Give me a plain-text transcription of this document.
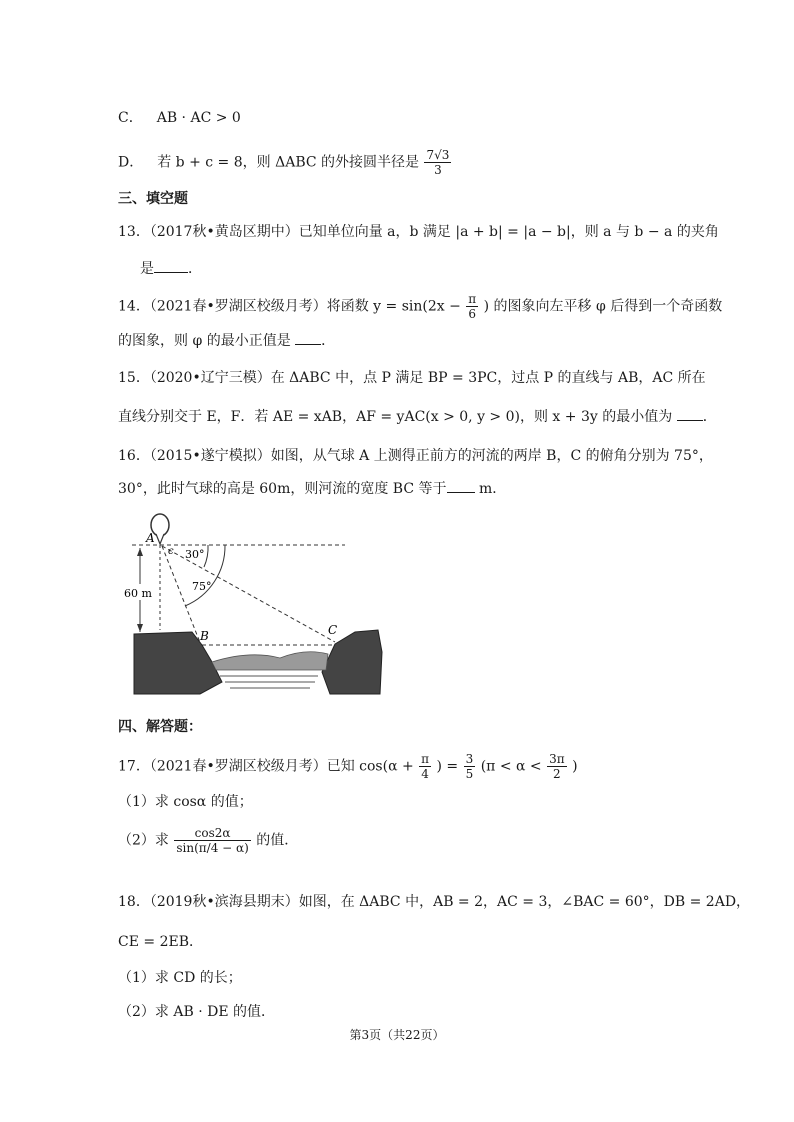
C． AB · AC > 0
D． 若 b + c = 8，则 ΔABC 的外接圆半径是 $\frac{7√3}{3}$
三、填空题
13．（2017秋•黄岛区期中）已知单位向量 a，b 满足 |a + b| = |a − b|，则 a 与 b − a 的夹角
是 ．
14．（2021春•罗湖区校级月考）将函数 $y = \sin(2x - \frac{\pi}{6}$ ) 的图象向左平移 φ 后得到一个奇函数
的图象，则 φ 的最小正值是 ．
15．（2020•辽宁三模）在 ΔABC 中，点 P 满足 BP = 3PC，过点 P 的直线与 AB，AC 所在
直线分别交于 E，F．若 AE = xAB，AF = yAC(x > 0, y > 0)，则 x + 3y 的最小值为 ．
16．（2015•遂宁模拟）如图，从气球 A 上测得正前方的河流的两岸 B，C 的俯角分别为 75°，
30°，此时气球的高是 60m，则河流的宽度 BC 等于 m．
A
c 30°
75°
60 m
B	C
四、解答题：
17．（2021春•罗湖区校级月考）已知 $\cos(\alpha + \frac{\pi}{4}$ ) = $\frac{3}{5} (\pi < \alpha < \frac{3\pi}{2}$ )
（1）求 cosα 的值；
（2）求 $\frac{\cos 2\alpha}{\sin(\pi/4 - \alpha)}$ 的值．
18．（2019秋•滨海县期末）如图，在 ΔABC 中，AB = 2，AC = 3，∠BAC = 60°，DB = 2AD，
CE = 2EB．
（1）求 CD 的长；
（2）求 AB · DE 的值．
第3页（共22页）
